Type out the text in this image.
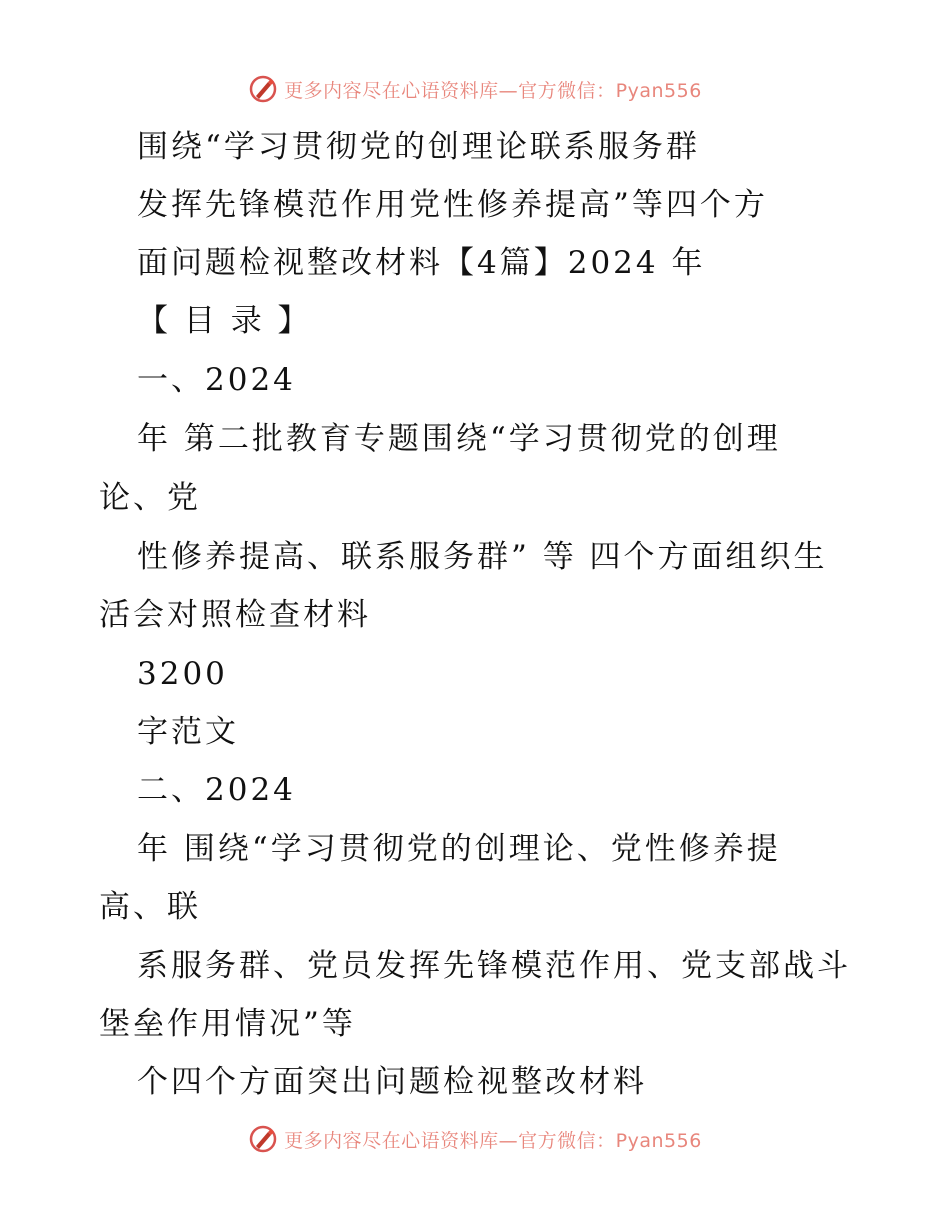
更多内容尽在心语资料库—官方微信：Pyan556
围绕“学习贯彻党的创理论联系服务群
发挥先锋模范作用党性修养提高”等四个方
面问题检视整改材料【4篇】2024 年
【 目 录 】
一、2024
年 第二批教育专题围绕“学习贯彻党的创理
论、党
性修养提高、联系服务群” 等 四个方面组织生
活会对照检查材料
3200
字范文
二、2024
年 围绕“学习贯彻党的创理论、党性修养提
高、联
系服务群、党员发挥先锋模范作用、党支部战斗
堡垒作用情况”等
个四个方面突出问题检视整改材料
更多内容尽在心语资料库—官方微信：Pyan556
